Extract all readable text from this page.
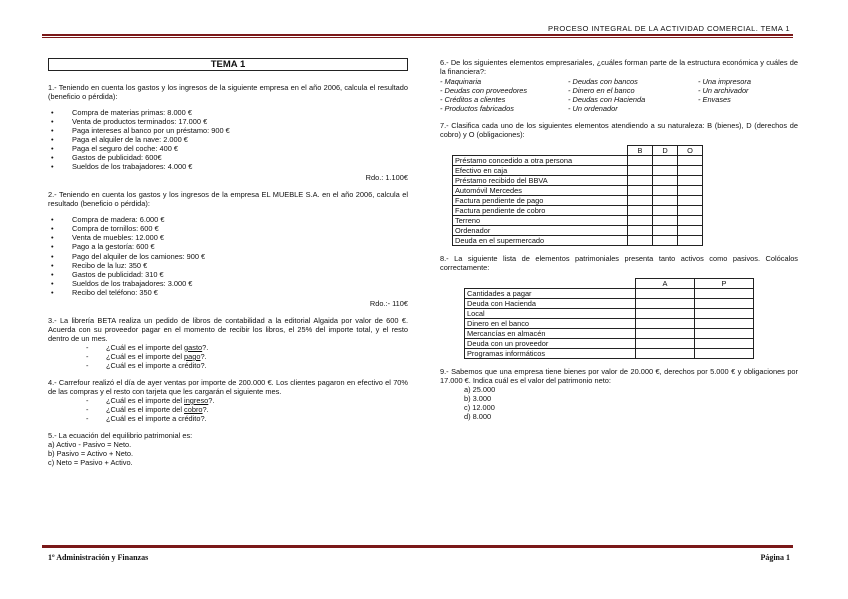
PROCESO INTEGRAL DE LA ACTIVIDAD COMERCIAL. TEMA 1
TEMA 1

1.- Teniendo en cuenta los gastos y los ingresos de la siguiente empresa en el año 2006, calcula el resultado (beneficio o pérdida):

• Compra de materias primas: 8.000 €
• Venta de productos terminados: 17.000 €
• Paga intereses al banco por un préstamo: 900 €
• Paga el alquiler de la nave: 2.000 €
• Paga el seguro del coche: 400 €
• Gastos de publicidad: 600€
• Sueldos de los trabajadores: 4.000 €
Rdo.: 1.100€

2.- Teniendo en cuenta los gastos y los ingresos de la empresa EL MUEBLE S.A. en el año 2006, calcula el resultado (beneficio o pérdida):

• Compra de madera: 6.000 €
• Compra de tornillos: 600 €
• Venta de muebles: 12.000 €
• Pago a la gestoría: 600 €
• Pago del alquiler de los camiones: 900 €
• Recibo de la luz: 350 €
• Gastos de publicidad: 310 €
• Sueldos de los trabajadores: 3.000 €
• Recibo del teléfono: 350 €
Rdo.:- 110€

3.- La librería BETA realiza un pedido de libros de contabilidad a la editorial Algaida por valor de 600 €. Acuerda con su proveedor pagar en el momento de recibir los libros, el 25% del importe total, y el resto dentro de un mes.

- ¿Cuál es el importe del gasto?.
- ¿Cuál es el importe del pago?.
- ¿Cuál es el importe a crédito?.

4.- Carrefour realizó el día de ayer ventas por importe de 200.000 €. Los clientes pagaron en efectivo el 70% de las compras y el resto con tarjeta que les cargarán el siguiente mes.

- ¿Cuál es el importe del ingreso?.
- ¿Cuál es el importe del cobro?.
- ¿Cuál es el importe a crédito?.

5.- La ecuación del equilibrio patrimonial es:

a) Activo - Pasivo = Neto.
b) Pasivo = Activo + Neto.
c) Neto = Pasivo + Activo.

6.- De los siguientes elementos empresariales, ¿cuáles forman parte de la estructura económica y cuáles de la financiera?:

- Maquinaria	- Deudas con bancos	- Una impresora
- Deudas con proveedores	- Dinero en el banco	- Un archivador
- Créditos a clientes	- Deudas con Hacienda	- Envases
- Productos fabricados	- Un ordenador

7.- Clasifica cada uno de los siguientes elementos atendiendo a su naturaleza: B (bienes), D (derechos de cobro) y O (obligaciones):

	B	D	O
Préstamo concedido a otra persona			
Efectivo en caja			
Préstamo recibido del BBVA			
Automóvil Mercedes			
Factura pendiente de pago			
Factura pendiente de cobro			
Terreno			
Ordenador			
Deuda en el supermercado			

8.- La siguiente lista de elementos patrimoniales presenta tanto activos como pasivos. Colócalos correctamente:

	A	P
Cantidades a pagar		
Deuda con Hacienda		
Local		
Dinero en el banco		
Mercancías en almacén		
Deuda con un proveedor		
Programas informáticos		

9.- Sabemos que una empresa tiene bienes por valor de 20.000 €, derechos por 5.000 € y obligaciones por 17.000 €. Indica cuál es el valor del patrimonio neto:

a) 25.000
b) 3.000
c) 12.000
d) 8.000
1º Administración y Finanzas	Página 1
